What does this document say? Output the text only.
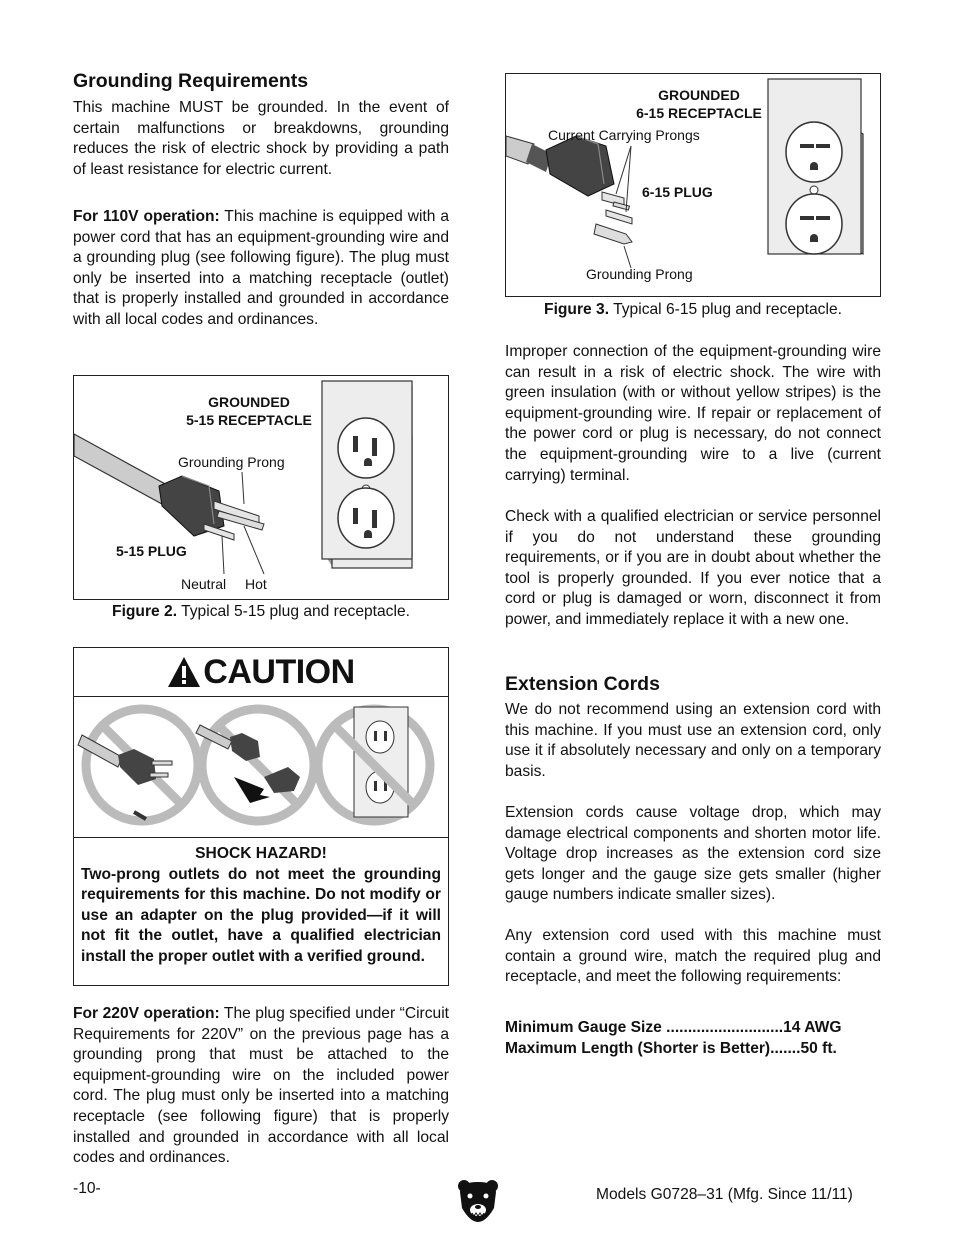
Grounding Requirements

This machine MUST be grounded. In the event of certain malfunctions or breakdowns, grounding reduces the risk of electric shock by providing a path of least resistance for electric current.

For 110V operation: This machine is equipped with a power cord that has an equipment-grounding wire and a grounding plug (see following figure). The plug must only be inserted into a matching receptacle (outlet) that is properly installed and grounded in accordance with all local codes and ordinances.

GROUNDED
5-15 RECEPTACLE
Grounding Prong
5-15 PLUG
Neutral Hot
Figure 2. Typical 5-15 plug and receptacle.
CAUTION
SHOCK HAZARD!
Two-prong outlets do not meet the grounding requirements for this machine. Do not modify or use an adapter on the plug provided—if it will not fit the outlet, have a qualified electrician install the proper outlet with a verified ground.

For 220V operation: The plug specified under “Circuit Requirements for 220V” on the previous page has a grounding prong that must be attached to the equipment-grounding wire on the included power cord. The plug must only be inserted into a matching receptacle (see following figure) that is properly installed and grounded in accordance with all local codes and ordinances.

GROUNDED
6-15 RECEPTACLE
Current Carrying Prongs
6-15 PLUG
Grounding Prong
Figure 3. Typical 6-15 plug and receptacle.

Improper connection of the equipment-grounding wire can result in a risk of electric shock. The wire with green insulation (with or without yellow stripes) is the equipment-grounding wire. If repair or replacement of the power cord or plug is necessary, do not connect the equipment-grounding wire to a live (current carrying) terminal.

Check with a qualified electrician or service personnel if you do not understand these grounding requirements, or if you are in doubt about whether the tool is properly grounded. If you ever notice that a cord or plug is damaged or worn, disconnect it from power, and immediately replace it with a new one.

Extension Cords

We do not recommend using an extension cord with this machine. If you must use an extension cord, only use it if absolutely necessary and only on a temporary basis.

Extension cords cause voltage drop, which may damage electrical components and shorten motor life. Voltage drop increases as the extension cord size gets longer and the gauge size gets smaller (higher gauge numbers indicate smaller sizes).

Any extension cord used with this machine must contain a ground wire, match the required plug and receptacle, and meet the following requirements:

Minimum Gauge Size ...........................14 AWG
Maximum Length (Shorter is Better).......50 ft.
-10-	Models G0728–31 (Mfg. Since 11/11)
